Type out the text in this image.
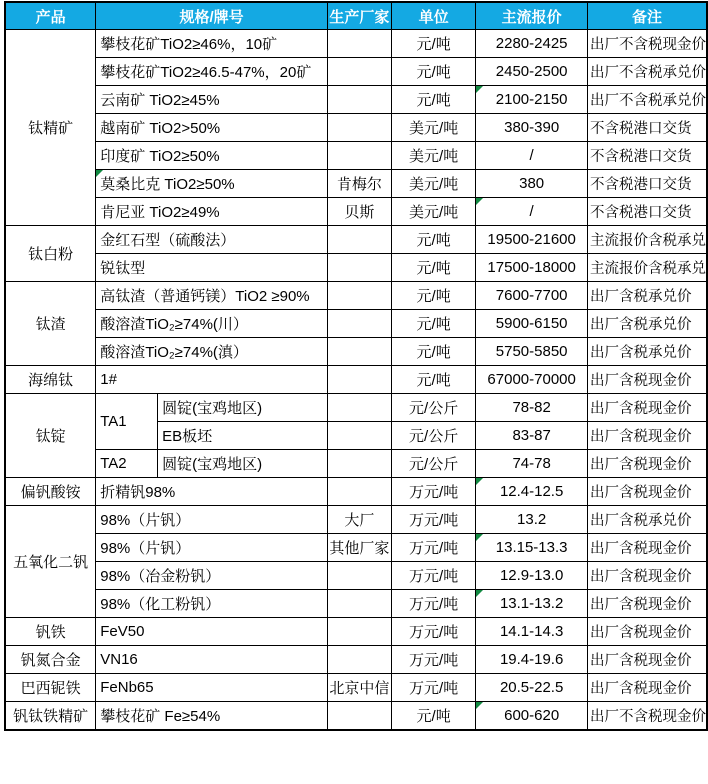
产品	规格/牌号		生产厂家	单位	主流报价	备注
钛精矿	攀枝花矿TiO2≥46%，10矿			元/吨	2280-2425	出厂不含税现金价
	攀枝花矿TiO2≥46.5-47%，20矿			元/吨	2450-2500	出厂不含税承兑价
	云南矿 TiO2≥45%			元/吨	2100-2150	出厂不含税承兑价
	越南矿 TiO2>50%			美元/吨	380-390	不含税港口交货
	印度矿 TiO2≥50%			美元/吨	/	不含税港口交货
	莫桑比克 TiO2≥50%		肯梅尔	美元/吨	380	不含税港口交货
	肯尼亚 TiO2≥49%		贝斯	美元/吨	/	不含税港口交货
钛白粉	金红石型（硫酸法）			元/吨	19500-21600	主流报价含税承兑
	锐钛型			元/吨	17500-18000	主流报价含税承兑
钛渣	高钛渣（普通钙镁）TiO2 ≥90%			元/吨	7600-7700	出厂含税承兑价
	酸溶渣TiO₂≥74%(川）			元/吨	5900-6150	出厂含税承兑价
	酸溶渣TiO₂≥74%(滇）			元/吨	5750-5850	出厂含税承兑价
海绵钛	1#			元/吨	67000-70000	出厂含税现金价
钛锭	TA1	圆锭(宝鸡地区)		元/公斤	78-82	出厂含税现金价
		EB板坯		元/公斤	83-87	出厂含税现金价
	TA2	圆锭(宝鸡地区)		元/公斤	74-78	出厂含税现金价
偏钒酸铵	折精钒98%			万元/吨	12.4-12.5	出厂含税现金价
五氧化二钒	98%（片钒）		大厂	万元/吨	13.2	出厂含税承兑价
	98%（片钒）		其他厂家	万元/吨	13.15-13.3	出厂含税现金价
	98%（冶金粉钒）			万元/吨	12.9-13.0	出厂含税现金价
	98%（化工粉钒）			万元/吨	13.1-13.2	出厂含税现金价
钒铁	FeV50			万元/吨	14.1-14.3	出厂含税现金价
钒氮合金	VN16			万元/吨	19.4-19.6	出厂含税现金价
巴西铌铁	FeNb65		北京中信	万元/吨	20.5-22.5	出厂含税现金价
钒钛铁精矿	攀枝花矿 Fe≥54%			元/吨	600-620	出厂不含税现金价
